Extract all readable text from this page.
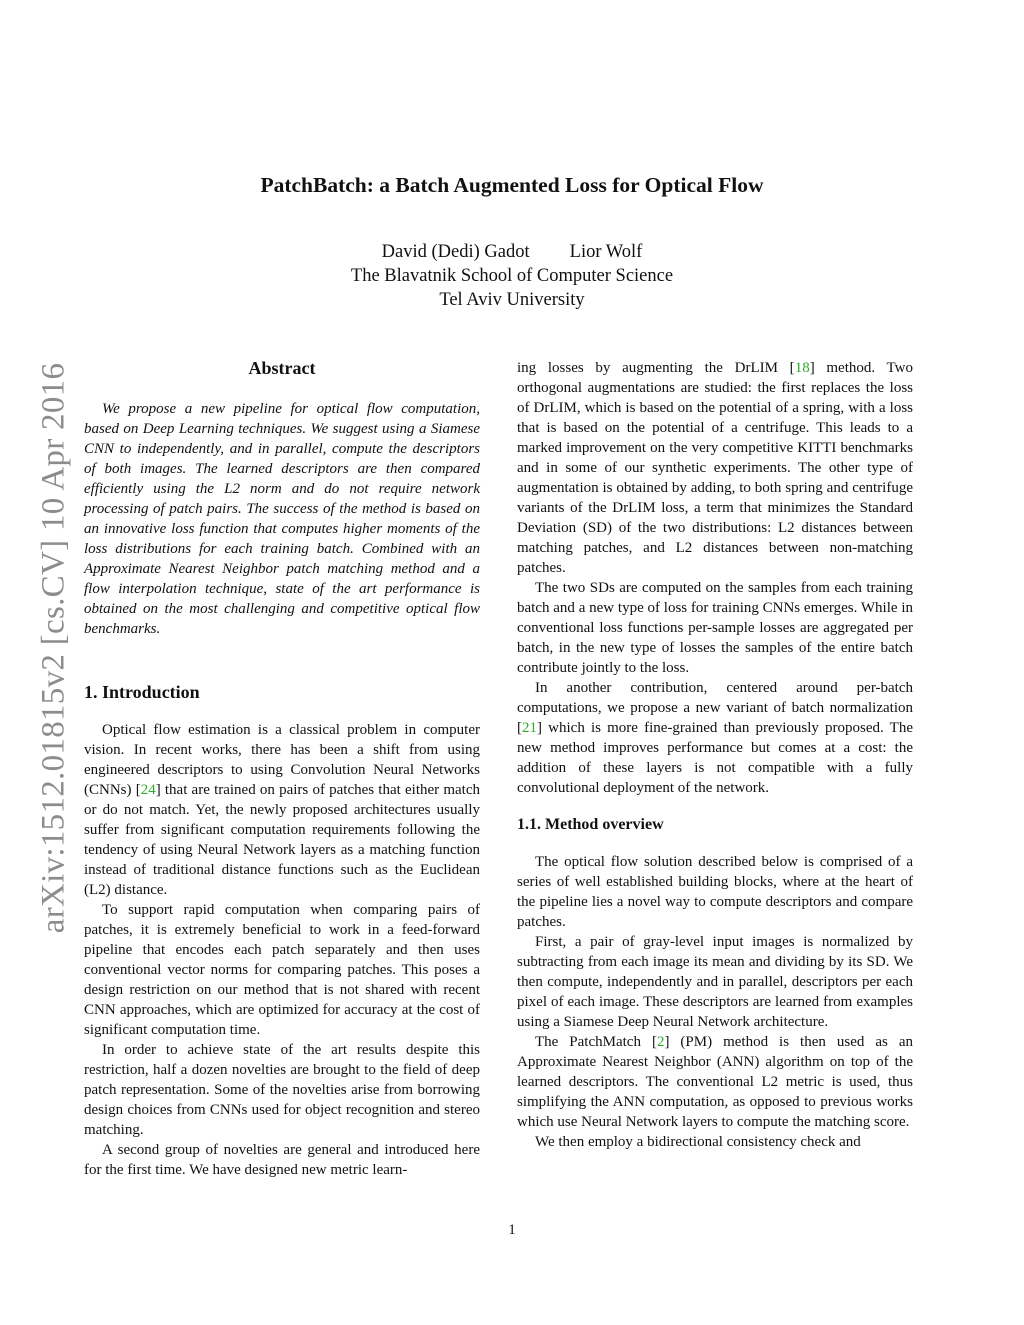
arXiv:1512.01815v2 [cs.CV] 10 Apr 2016
PatchBatch: a Batch Augmented Loss for Optical Flow
David (Dedi) Gadot Lior Wolf
The Blavatnik School of Computer Science
Tel Aviv University
Abstract

We propose a new pipeline for optical flow computation, based on Deep Learning techniques. We suggest using a Siamese CNN to independently, and in parallel, compute the descriptors of both images. The learned descriptors are then compared efficiently using the L2 norm and do not require network processing of patch pairs. The success of the method is based on an innovative loss function that computes higher moments of the loss distributions for each training batch. Combined with an Approximate Nearest Neighbor patch matching method and a flow interpolation technique, state of the art performance is obtained on the most challenging and competitive optical flow benchmarks.

1. Introduction

Optical flow estimation is a classical problem in computer vision. In recent works, there has been a shift from using engineered descriptors to using Convolution Neural Networks (CNNs) [24] that are trained on pairs of patches that either match or do not match. Yet, the newly proposed architectures usually suffer from significant computation requirements following the tendency of using Neural Network layers as a matching function instead of traditional distance functions such as the Euclidean (L2) distance.

To support rapid computation when comparing pairs of patches, it is extremely beneficial to work in a feed-forward pipeline that encodes each patch separately and then uses conventional vector norms for comparing patches. This poses a design restriction on our method that is not shared with recent CNN approaches, which are optimized for accuracy at the cost of significant computation time.

In order to achieve state of the art results despite this restriction, half a dozen novelties are brought to the field of deep patch representation. Some of the novelties arise from borrowing design choices from CNNs used for object recognition and stereo matching.

A second group of novelties are general and introduced here for the first time. We have designed new metric learn-

ing losses by augmenting the DrLIM [18] method. Two orthogonal augmentations are studied: the first replaces the loss of DrLIM, which is based on the potential of a spring, with a loss that is based on the potential of a centrifuge. This leads to a marked improvement on the very competitive KITTI benchmarks and in some of our synthetic experiments. The other type of augmentation is obtained by adding, to both spring and centrifuge variants of the DrLIM loss, a term that minimizes the Standard Deviation (SD) of the two distributions: L2 distances between matching patches, and L2 distances between non-matching patches.

The two SDs are computed on the samples from each training batch and a new type of loss for training CNNs emerges. While in conventional loss functions per-sample losses are aggregated per batch, in the new type of losses the samples of the entire batch contribute jointly to the loss.

In another contribution, centered around per-batch computations, we propose a new variant of batch normalization [21] which is more fine-grained than previously proposed. The new method improves performance but comes at a cost: the addition of these layers is not compatible with a fully convolutional deployment of the network.

1.1. Method overview

The optical flow solution described below is comprised of a series of well established building blocks, where at the heart of the pipeline lies a novel way to compute descriptors and compare patches.

First, a pair of gray-level input images is normalized by subtracting from each image its mean and dividing by its SD. We then compute, independently and in parallel, descriptors per each pixel of each image. These descriptors are learned from examples using a Siamese Deep Neural Network architecture.

The PatchMatch [2] (PM) method is then used as an Approximate Nearest Neighbor (ANN) algorithm on top of the learned descriptors. The conventional L2 metric is used, thus simplifying the ANN computation, as opposed to previous works which use Neural Network layers to compute the matching score.

We then employ a bidirectional consistency check and

1
